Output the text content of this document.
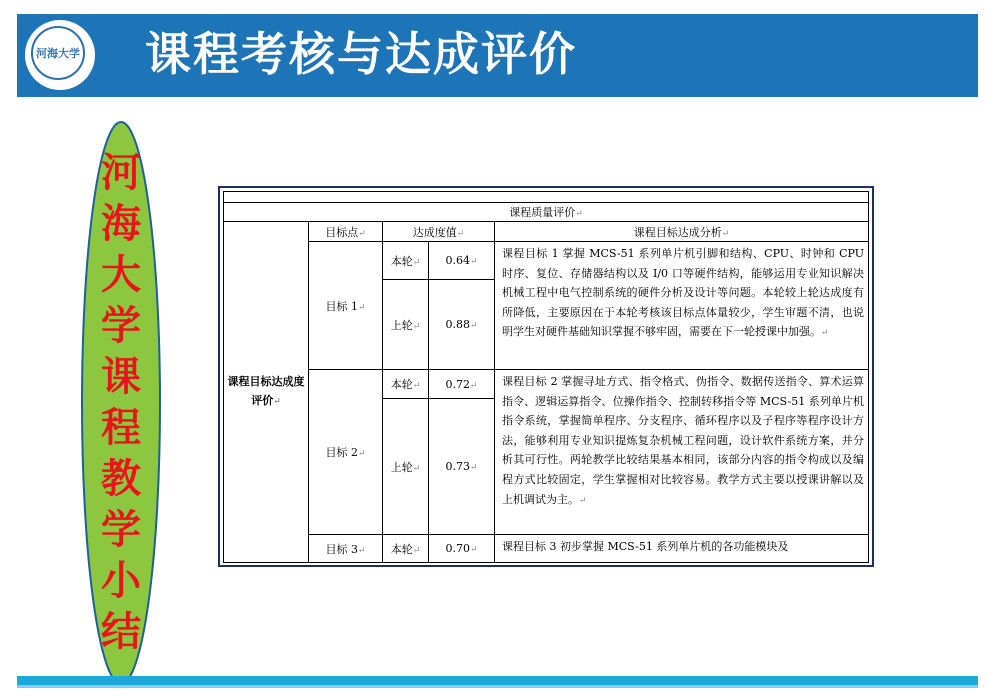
河海大学 课程考核与达成评价
河
海
大
学
课
程
教
学
小
结

课程质量评价↵				
课程目标达成度评价↵	目标点↵	达成度值↵		课程目标达成分析↵
	目标 1↵	本轮↵	0.64↵	课程目标 1 掌握 MCS-51 系列单片机引脚和结构、CPU、时钟和 CPU 时序、复位、存储器结构以及 I/0 口等硬件结构，能够运用专业知识解决机械工程中电气控制系统的硬件分析及设计等问题。本轮较上轮达成度有所降低，主要原因在于本轮考核该目标点体量较少，学生审题不清，也说明学生对硬件基础知识掌握不够牢固，需要在下一轮授课中加强。↵
		上轮↵	0.88↵	
	目标 2↵	本轮↵	0.72↵	课程目标 2 掌握寻址方式、指令格式、伪指令、数据传送指令、算术运算指令、逻辑运算指令、位操作指令、控制转移指令等 MCS-51 系列单片机指令系统，掌握简单程序、分支程序、循环程序以及子程序等程序设计方法，能够利用专业知识提炼复杂机械工程问题，设计软件系统方案，并分析其可行性。两轮教学比较结果基本相同，该部分内容的指令构成以及编程方式比较固定，学生掌握相对比较容易。教学方式主要以授课讲解以及上机调试为主。↵
		上轮↵	0.73↵	
	目标 3↵	本轮↵	0.70↵	课程目标 3 初步掌握 MCS-51 系列单片机的各功能模块及
